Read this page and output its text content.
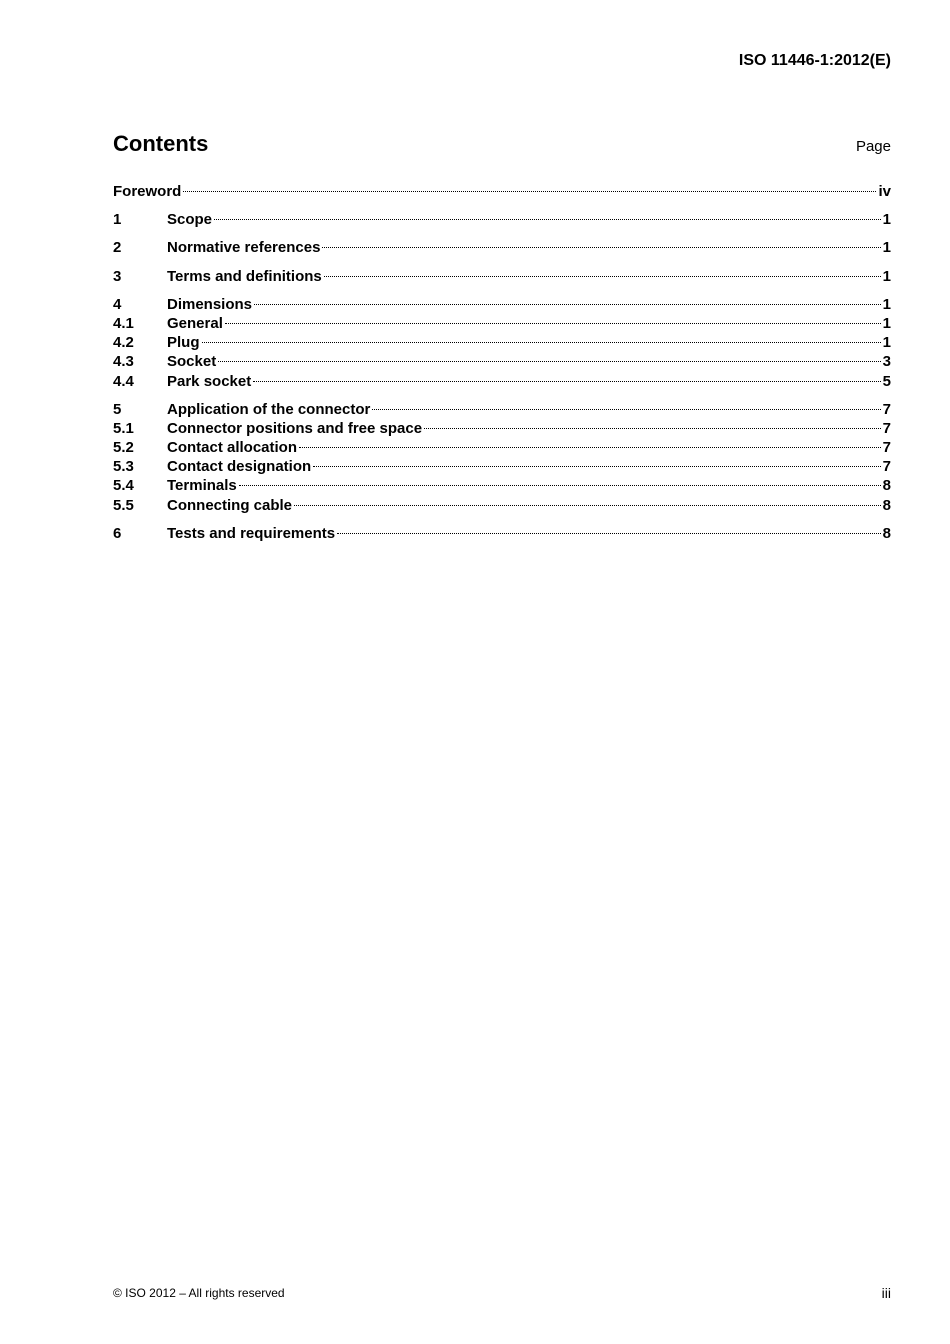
ISO 11446-1:2012(E)
Contents	Page
Foreword	iv
1	Scope	1
2	Normative references	1
3	Terms and definitions	1
4	Dimensions	1
4.1	General	1
4.2	Plug	1
4.3	Socket	3
4.4	Park socket	5
5	Application of the connector	7
5.1	Connector positions and free space	7
5.2	Contact allocation	7
5.3	Contact designation	7
5.4	Terminals	8
5.5	Connecting cable	8
6	Tests and requirements	8
© ISO 2012 – All rights reserved	iii
